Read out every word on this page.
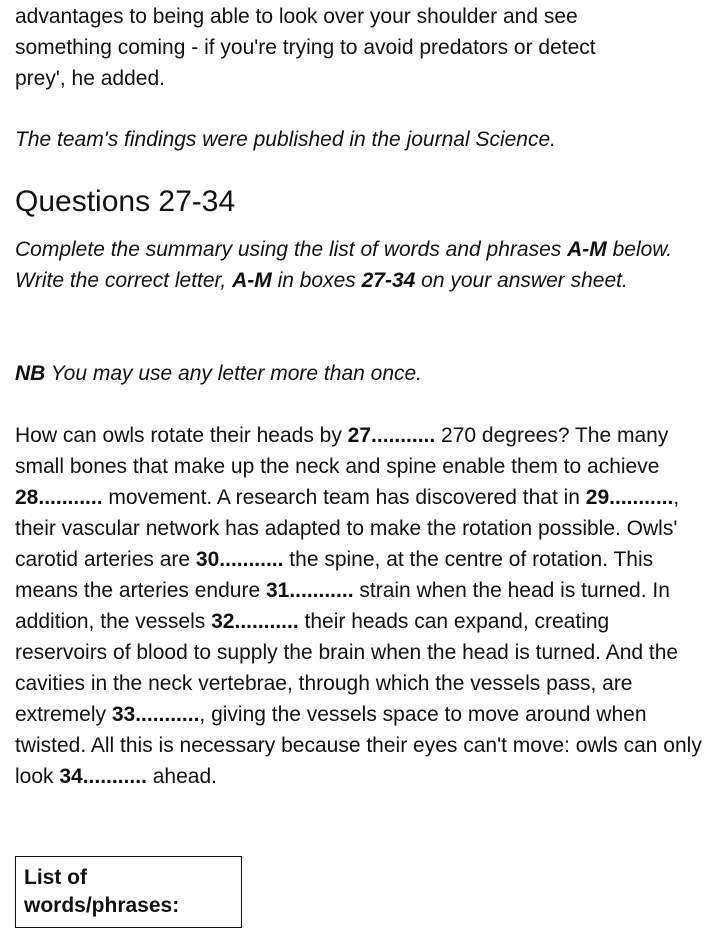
advantages to being able to look over your shoulder and see
something coming - if you're trying to avoid predators or detect
prey', he added.
The team's findings were published in the journal Science.
Questions 27-34
Complete the summary using the list of words and phrases A-M below. Write the correct letter, A-M in boxes 27-34 on your answer sheet.
NB You may use any letter more than once.
How can owls rotate their heads by 27........... 270 degrees? The many small bones that make up the neck and spine enable them to achieve 28........... movement. A research team has discovered that in 29..........., their vascular network has adapted to make the rotation possible. Owls' carotid arteries are 30........... the spine, at the centre of rotation. This means the arteries endure 31........... strain when the head is turned. In addition, the vessels 32........... their heads can expand, creating reservoirs of blood to supply the brain when the head is turned. And the cavities in the neck vertebrae, through which the vessels pass, are extremely 33..........., giving the vessels space to move around when twisted. All this is necessary because their eyes can't move: owls can only look 34........... ahead.
List of
words/phrases:
